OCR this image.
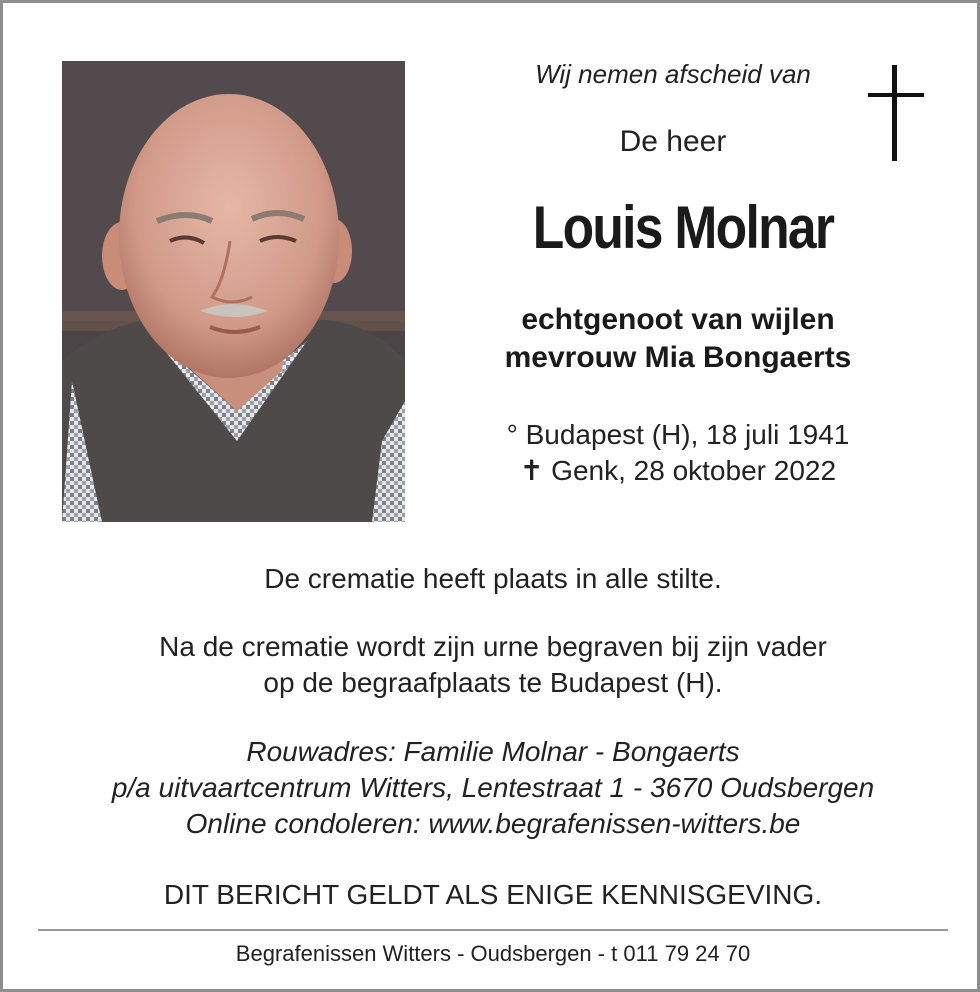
Wij nemen afscheid van
De heer
Louis Molnar
echtgenoot van wijlen
mevrouw Mia Bongaerts
° Budapest (H), 18 juli 1941
✝ Genk, 28 oktober 2022
De crematie heeft plaats in alle stilte.
Na de crematie wordt zijn urne begraven bij zijn vader
op de begraafplaats te Budapest (H).
Rouwadres: Familie Molnar - Bongaerts
p/a uitvaartcentrum Witters, Lentestraat 1 - 3670 Oudsbergen
Online condoleren: www.begrafenissen-witters.be
DIT BERICHT GELDT ALS ENIGE KENNISGEVING.
Begrafenissen Witters - Oudsbergen - t 011 79 24 70
